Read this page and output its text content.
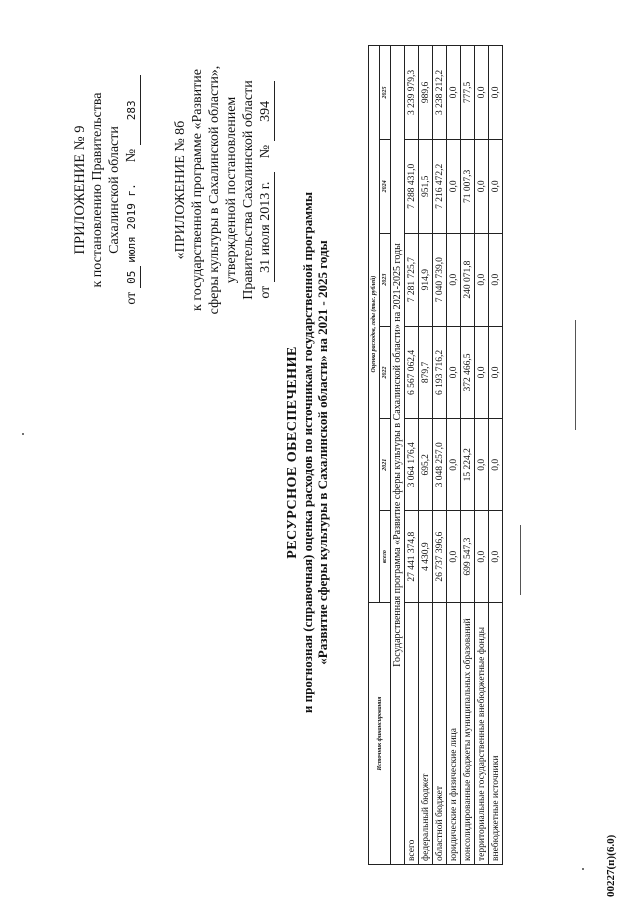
ПРИЛОЖЕНИЕ № 9 к постановлению Правительства Сахалинской области
от 05 июля 2019 г.      № 283
«ПРИЛОЖЕНИЕ № 8б к государственной программе «Развитие сферы культуры в Сахалинской области», утвержденной постановлением Правительства Сахалинской области от 31 июля 2013 г.    № 394
РЕСУРСНОЕ ОБЕСПЕЧЕНИЕ и прогнозная (справочная) оценка расходов по источникам государственной программы «Развитие сферы культуры в Сахалинской области» на 2021 - 2025 годы
Источник финансирования	Оценка расходов, годы (тыс. рублей)					
	всего	2021	2022	2023	2024	2025
Государственная программа «Развитие сферы культуры в Сахалинской области» на 2021-2025 годы						
всего	27 441 374,8	3 064 176,4	6 567 062,4	7 281 725,7	7 288 431,0	3 239 979,3
федеральный бюджет	4 430,9	695,2	879,7	914,9	951,5	989,6
областной бюджет	26 737 396,6	3 048 257,0	6 193 716,2	7 040 739,0	7 216 472,2	3 238 212,2
юридические и физические лица	0,0	0,0	0,0	0,0	0,0	0,0
консолидированные бюджеты муниципальных образований	699 547,3	15 224,2	372 466,5	240 071,8	71 007,3	777,5
территориальные государственные внебюджетные фонды	0,0	0,0	0,0	0,0	0,0	0,0
внебюджетные источники	0,0	0,0	0,0	0,0	0,0	0,0
00227(п)(6.0)
